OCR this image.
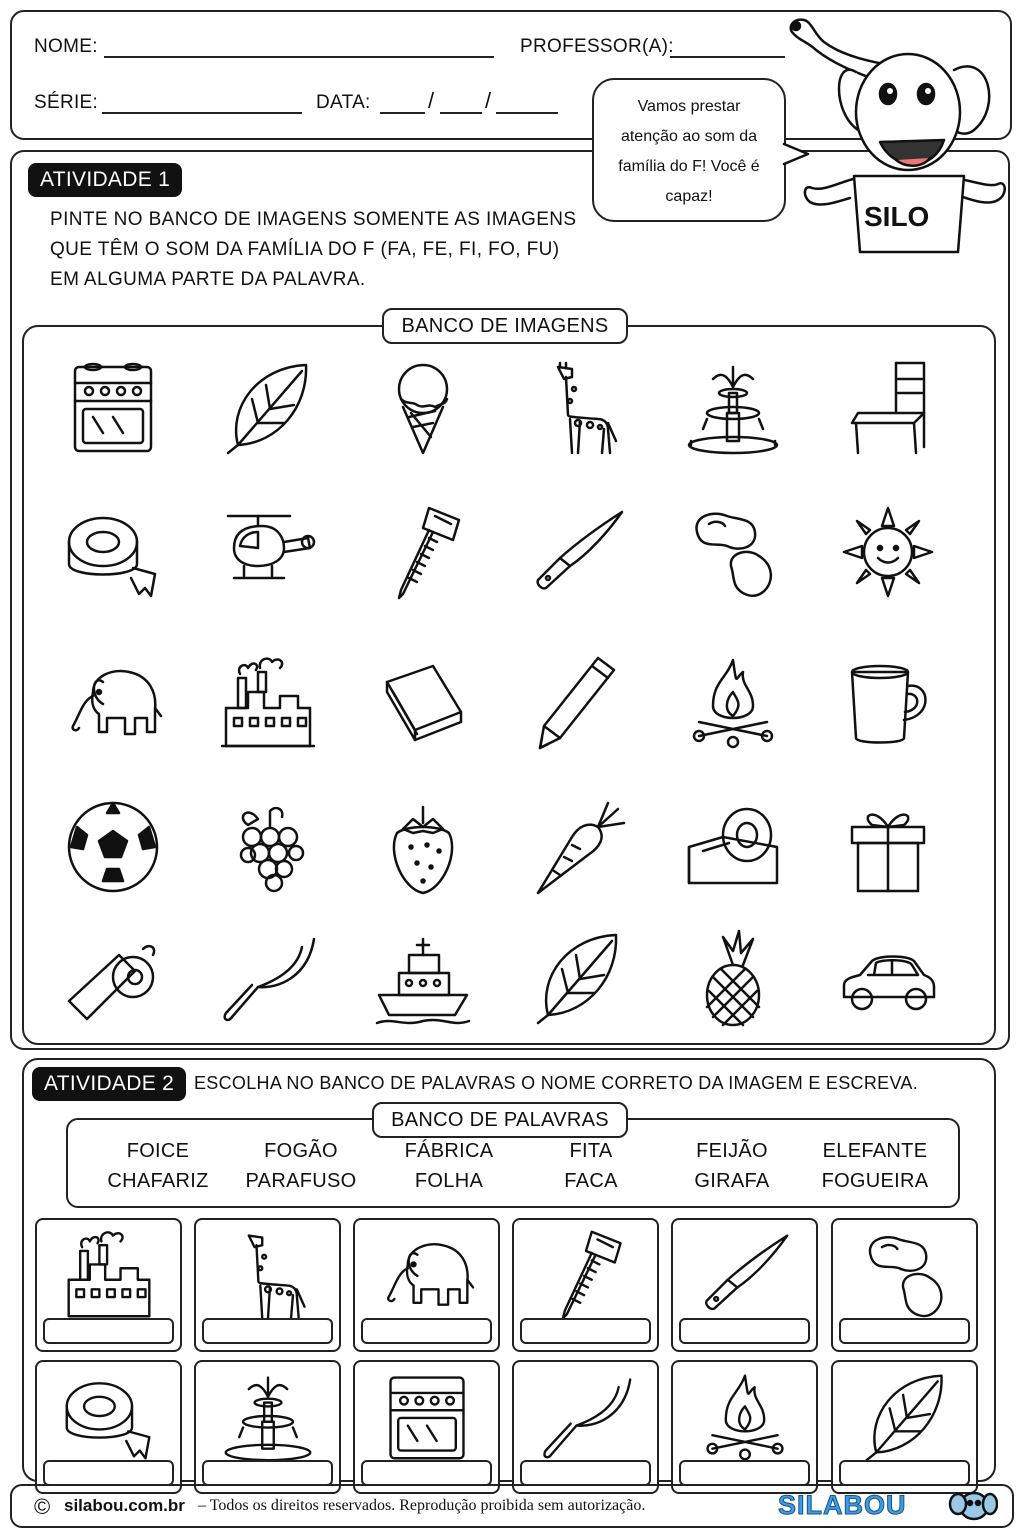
NOME:	PROFESSOR(A):
SÉRIE:	DATA:	/ /	Vamos prestar atenção ao som da família do F! Você é capaz!
SILO
ATIVIDADE 1
PINTE NO BANCO DE IMAGENS SOMENTE AS IMAGENS
QUE TÊM O SOM DA FAMÍLIA DO F (FA, FE, FI, FO, FU)
EM ALGUMA PARTE DA PALAVRA.
BANCO DE IMAGENS
ATIVIDADE 2	ESCOLHA NO BANCO DE PALAVRAS O NOME CORRETO DA IMAGEM E ESCREVA.
BANCO DE PALAVRAS
FOICE	FOGÃO	FÁBRICA	FITA	FEIJÃO	ELEFANTE
CHAFARIZ	PARAFUSO	FOLHA	FACA	GIRAFA	FOGUEIRA
© silabou.com.br – Todos os direitos reservados. Reprodução proibida sem autorização.	SILABOU
